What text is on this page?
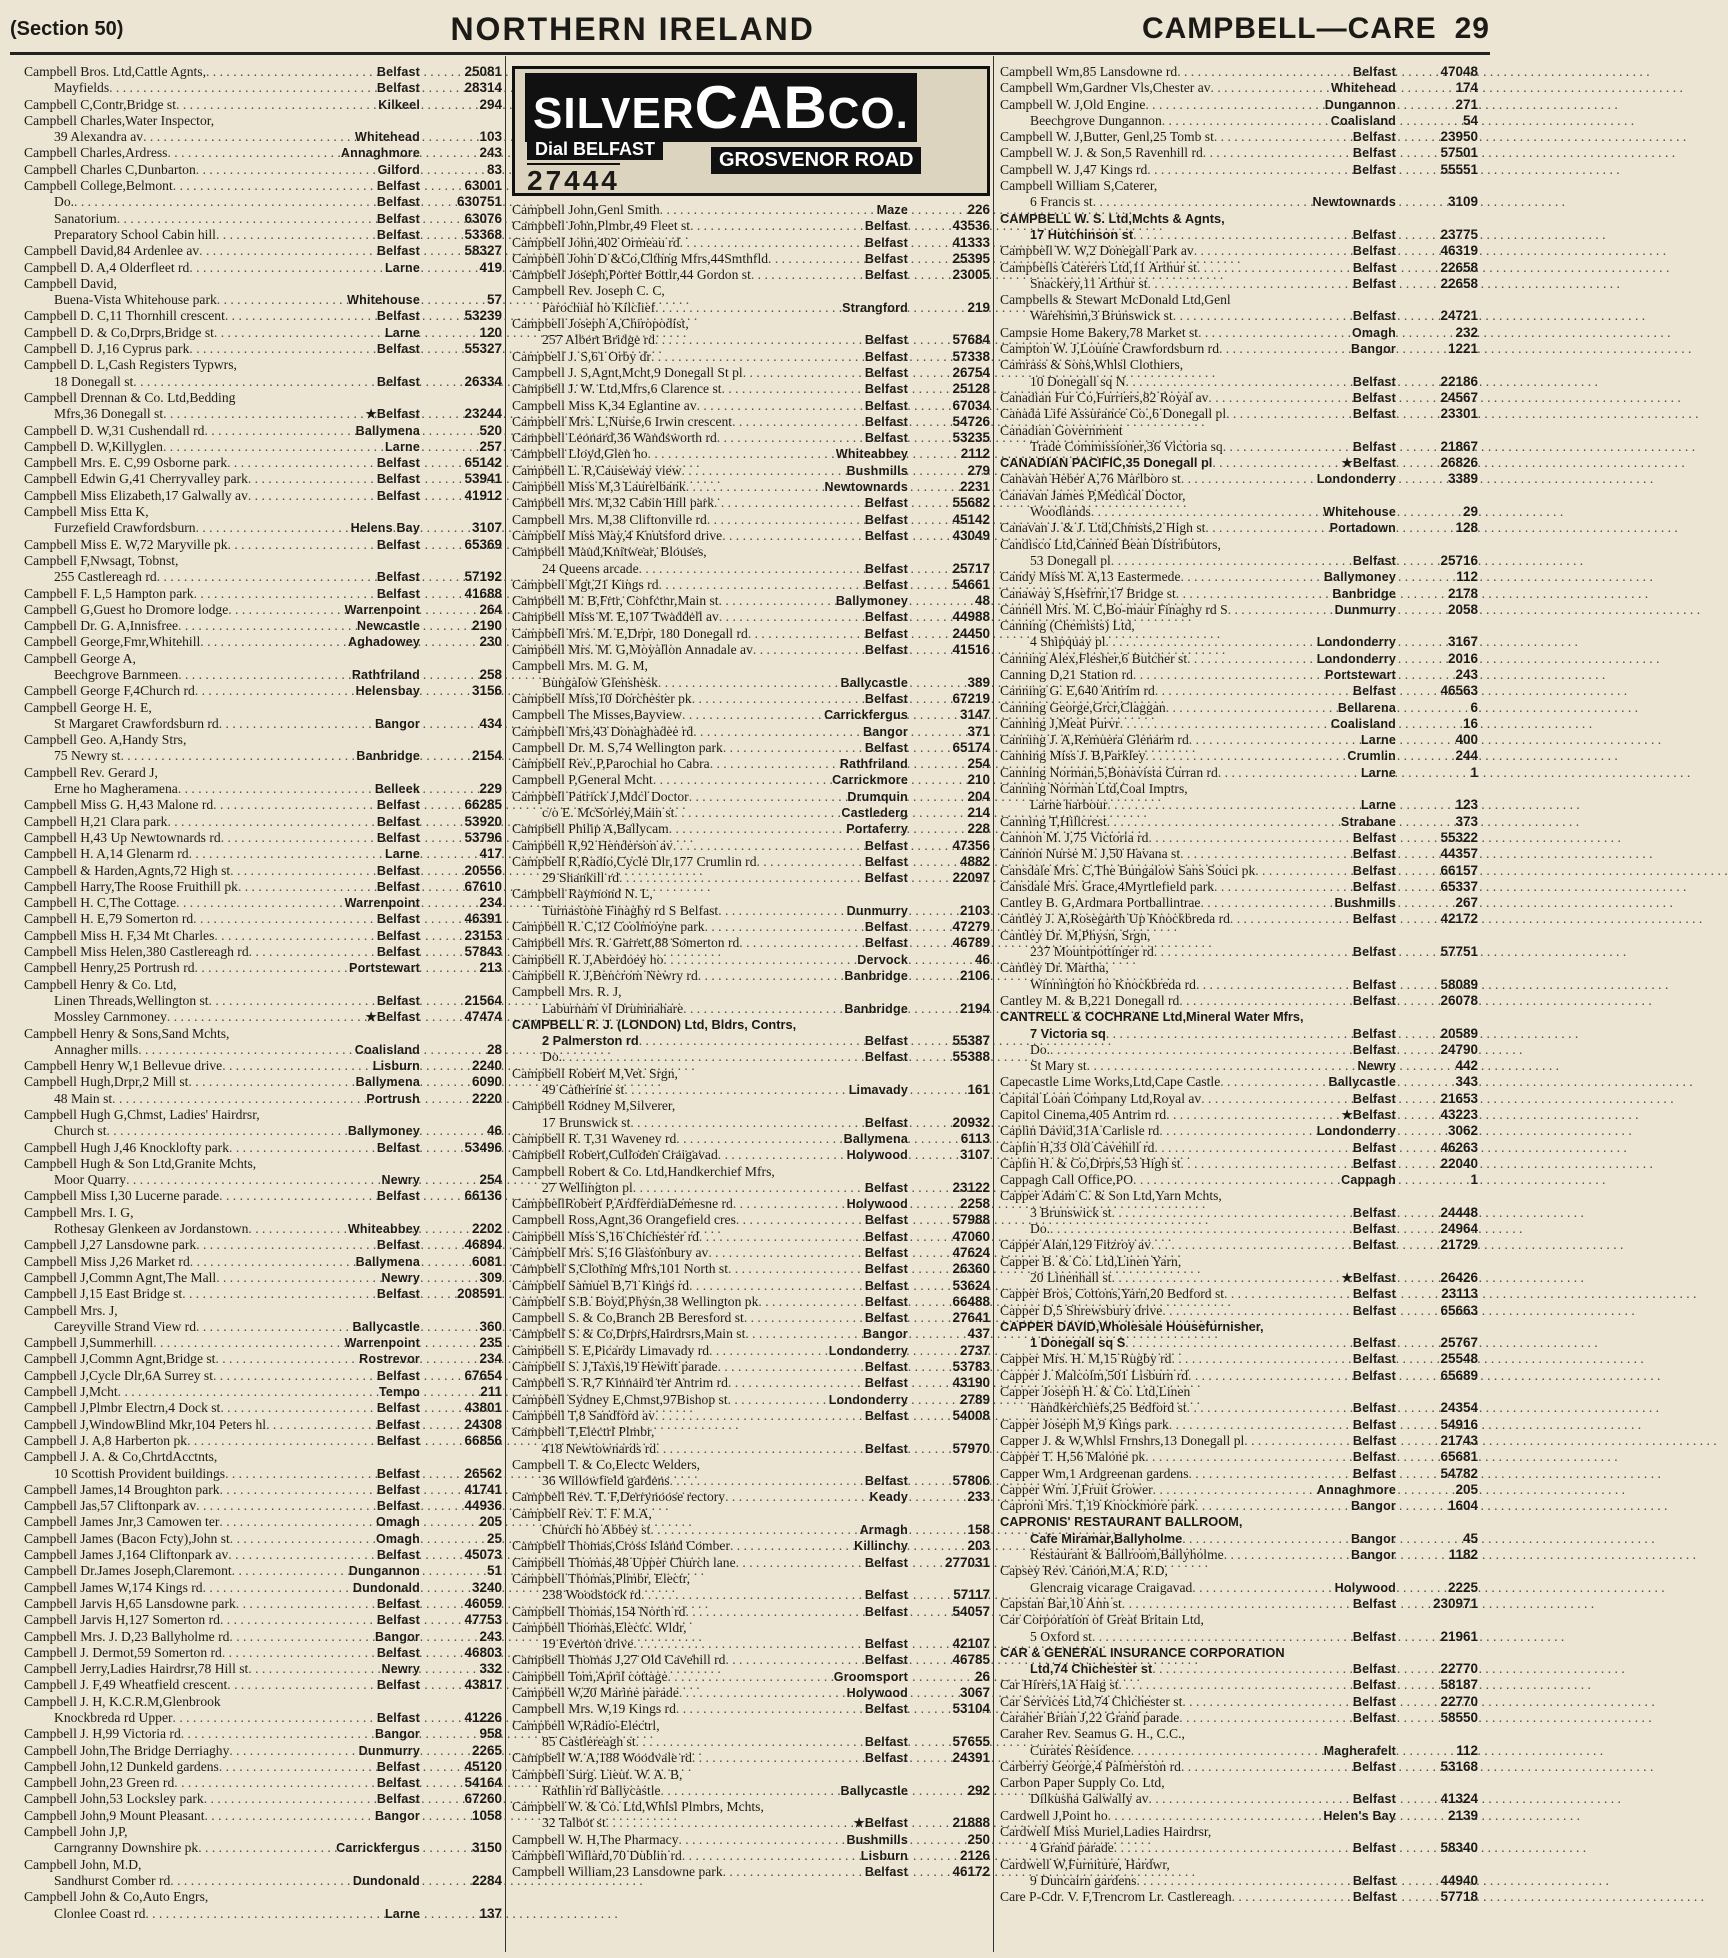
(Section 50)	NORTHERN IRELAND	CAMPBELL—CARE 29
Campbell Bros. Ltd,Cattle Agnts, . . .	Belfast	25081
Mayfields . . .	Belfast	28314
Campbell C,Contr,Bridge st . . .	Kilkeel	294
Campbell Charles,Water Inspector,
39 Alexandra av . . .	Whitehead	103
Campbell Charles,Ardress . . .	Annaghmore	243
Campbell Charles C,Dunbarton . . .	Gilford	83
Campbell College,Belmont . . .	Belfast	63001
Do. . . .	Belfast	630751
Sanatorium . . .	Belfast	63076
Preparatory School Cabin hill . . .	Belfast	53368
Campbell David,84 Ardenlee av . . .	Belfast	58327
Campbell D. A,4 Olderfleet rd . . .	Larne	419
Campbell David,
Buena-Vista Whitehouse park . . .	Whitehouse	57
Campbell D. C,11 Thornhill crescent . . .	Belfast	53239
Campbell D. & Co,Drprs,Bridge st . . .	Larne	120
Campbell D. J,16 Cyprus park . . .	Belfast	55327
Campbell D. L,Cash Registers Typwrs,
18 Donegall st . . .	Belfast	26334
Campbell Drennan & Co. Ltd,Bedding
Mfrs,36 Donegall st . . .	★Belfast	23244
Campbell D. W,31 Cushendall rd . . .	Ballymena	520
Campbell D. W,Killyglen . . .	Larne	257
Campbell Mrs. E. C,99 Osborne park . . .	Belfast	65142
Campbell Edwin G,41 Cherryvalley park . . .	Belfast	53941
Campbell Miss Elizabeth,17 Galwally av . . .	Belfast	41912
Campbell Miss Etta K,
Furzefield Crawfordsburn . . .	Helens Bay	3107
Campbell Miss E. W,72 Maryville pk . . .	Belfast	65369
Campbell F,Nwsagt, Tobnst,
255 Castlereagh rd . . .	Belfast	57192
Campbell F. L,5 Hampton park . . .	Belfast	41688
Campbell G,Guest ho Dromore lodge . . .	Warrenpoint	264
Campbell Dr. G. A,Innisfree . . .	Newcastle	2190
Campbell George,Fmr,Whitehill . . .	Aghadowey	230
Campbell George A,
Beechgrove Barnmeen . . .	Rathfriland	258
Campbell George F,4Church rd . . .	Helensbay	3156
Campbell George H. E,
St Margaret Crawfordsburn rd . . .	Bangor	434
Campbell Geo. A,Handy Strs,
75 Newry st . . .	Banbridge	2154
Campbell Rev. Gerard J,
Erne ho Magheramena . . .	Belleek	229
Campbell Miss G. H,43 Malone rd . . .	Belfast	66285
Campbell H,21 Clara park . . .	Belfast	53920
Campbell H,43 Up Newtownards rd . . .	Belfast	53796
Campbell H. A,14 Glenarm rd . . .	Larne	417
Campbell & Harden,Agnts,72 High st . . .	Belfast	20556
Campbell Harry,The Roose Fruithill pk . . .	Belfast	67610
Campbell H. C,The Cottage . . .	Warrenpoint	234
Campbell H. E,79 Somerton rd . . .	Belfast	46391
Campbell Miss H. F,34 Mt Charles . . .	Belfast	23153
Campbell Miss Helen,380 Castlereagh rd . . .	Belfast	57843
Campbell Henry,25 Portrush rd . . .	Portstewart	213
Campbell Henry & Co. Ltd,
Linen Threads,Wellington st . . .	Belfast	21564
Mossley Carnmoney . . .	★Belfast	47474
Campbell Henry & Sons,Sand Mchts,
Annagher mills . . .	Coalisland	28
Campbell Henry W,1 Bellevue drive . . .	Lisburn	2240
Campbell Hugh,Drpr,2 Mill st . . .	Ballymena	6090
48 Main st . . .	Portrush	2220
Campbell Hugh G,Chmst, Ladies' Hairdrsr,
Church st . . .	Ballymoney	46
Campbell Hugh J,46 Knocklofty park . . .	Belfast	53496
Campbell Hugh & Son Ltd,Granite Mchts,
Moor Quarry . . .	Newry	254
Campbell Miss I,30 Lucerne parade . . .	Belfast	66136
Campbell Mrs. I. G,
Rothesay Glenkeen av Jordanstown . . .	Whiteabbey	2202
Campbell J,27 Lansdowne park . . .	Belfast	46894
Campbell Miss J,26 Market rd . . .	Ballymena	6081
Campbell J,Commn Agnt,The Mall . . .	Newry	309
Campbell J,15 East Bridge st . . .	Belfast	208591
Campbell Mrs. J,
Careyville Strand View rd . . .	Ballycastle	360
Campbell J,Summerhill . . .	Warrenpoint	235
Campbell J,Commn Agnt,Bridge st . . .	Rostrevor	234
Campbell J,Cycle Dlr,6A Surrey st . . .	Belfast	67654
Campbell J,Mcht . . .	Tempo	211
Campbell J,Plmbr Electrn,4 Dock st . . .	Belfast	43801
Campbell J,WindowBlind Mkr,104 Peters hl . . .	Belfast	24308
Campbell J. A,8 Harberton pk . . .	Belfast	66856
Campbell J. A. & Co,ChrtdAcctnts,
10 Scottish Provident buildings . . .	Belfast	26562
Campbell James,14 Broughton park . . .	Belfast	41741
Campbell Jas,57 Cliftonpark av . . .	Belfast	44936
Campbell James Jnr,3 Camowen ter . . .	Omagh	205
Campbell James (Bacon Fcty),John st . . .	Omagh	25
Campbell James J,164 Cliftonpark av . . .	Belfast	45073
Campbell Dr.James Joseph,Claremont . . .	Dungannon	51
Campbell James W,174 Kings rd . . .	Dundonald	3240
Campbell Jarvis H,65 Lansdowne park . . .	Belfast	46059
Campbell Jarvis H,127 Somerton rd . . .	Belfast	47753
Campbell Mrs. J. D,23 Ballyholme rd . . .	Bangor	243
Campbell J. Dermot,59 Somerton rd . . .	Belfast	46803
Campbell Jerry,Ladies Hairdrsr,78 Hill st . . .	Newry	332
Campbell J. F,49 Wheatfield crescent . . .	Belfast	43817
Campbell J. H, K.C.R.M,Glenbrook
Knockbreda rd Upper . . .	Belfast	41226
Campbell J. H,99 Victoria rd . . .	Bangor	958
Campbell John,The Bridge Derriaghy . . .	Dunmurry	2265
Campbell John,12 Dunkeld gardens . . .	Belfast	45120
Campbell John,23 Green rd . . .	Belfast	54164
Campbell John,53 Locksley park . . .	Belfast	67260
Campbell John,9 Mount Pleasant . . .	Bangor	1058
Campbell John J,P,
Carngranny Downshire pk . . .	Carrickfergus	3150
Campbell John, M.D,
Sandhurst Comber rd . . .	Dundonald	2284
Campbell John & Co,Auto Engrs,
Clonlee Coast rd . . .	Larne	137
SILVERCABCO.
Dial BELFAST
27444
GROSVENOR ROAD
Campbell John,Genl Smith . . .	Maze	226
Campbell John,Plmbr,49 Fleet st . . .	Belfast	43536
Campbell John,402 Ormeau rd . . .	Belfast	41333
Campbell John D &Co,Clthng Mfrs,44Smthfld . . .	Belfast	25395
Campbell Joseph,Porter Bottlr,44 Gordon st . . .	Belfast	23005
Campbell Rev. Joseph C. C,
Parochial ho Kilclief . . .	Strangford	219
Campbell Joseph A,Chiropodist,
257 Albert Bridge rd . . .	Belfast	57684
Campbell J. S,61 Orby dr . . .	Belfast	57338
Campbell J. S,Agnt,Mcht,9 Donegall St pl . . .	Belfast	26754
Campbell J. W. Ltd,Mfrs,6 Clarence st . . .	Belfast	25128
Campbell Miss K,34 Eglantine av . . .	Belfast	67034
Campbell Mrs. L,Nurse,6 Irwin crescent . . .	Belfast	54726
Campbell Leonard,36 Wandsworth rd . . .	Belfast	53235
Campbell Lloyd,Glen ho . . .	Whiteabbey	2112
Campbell L. R,Causeway view . . .	Bushmills	279
Campbell Miss M,3 Laurelbank . . .	Newtownards	2231
Campbell Mrs. M,32 Cabin Hill park . . .	Belfast	55682
Campbell Mrs. M,38 Cliftonville rd . . .	Belfast	45142
Campbell Miss May,4 Knutsford drive . . .	Belfast	43049
Campbell Maud,Knitwear, Blouses,
24 Queens arcade . . .	Belfast	25717
Campbell Mgt,21 Kings rd . . .	Belfast	54661
Campbell M. B,Frtr, Confctnr,Main st . . .	Ballymoney	48
Campbell Miss M. E,107 Twaddell av . . .	Belfast	44988
Campbell Mrs. M. E,Drpr, 180 Donegall rd . . .	Belfast	24450
Campbell Mrs. M. G,Moyallon Annadale av . . .	Belfast	41516
Campbell Mrs. M. G. M,
Bungalow Glenshesk . . .	Ballycastle	389
Campbell Miss,10 Dorchester pk . . .	Belfast	67219
Campbell The Misses,Bayview . . .	Carrickfergus	3147
Campbell Mrs,43 Donaghadee rd . . .	Bangor	371
Campbell Dr. M. S,74 Wellington park . . .	Belfast	65174
Campbell Rev.,P,Parochial ho Cabra . . .	Rathfriland	254
Campbell P,General Mcht . . .	Carrickmore	210
Campbell Patrick J,Mdcl Doctor . . .	Drumquin	204
c/o E. McSorley,Main st . . .	Castlederg	214
Campbell Philip A,Ballycam . . .	Portaferry	228
Campbell R,92 Henderson av . . .	Belfast	47356
Campbell R,Radio,Cycle Dlr,177 Crumlin rd . . .	Belfast	4882
29 Shankill rd . . .	Belfast	22097
Campbell Raymond N. L,
Turnastone Finaghy rd S Belfast . . .	Dunmurry	2103
Campbell R. C,12 Coolmoyne park . . .	Belfast	47279
Campbell Mrs. R. Garrett,88 Somerton rd . . .	Belfast	46789
Campbell R. J,Aberdoey ho . . .	Dervock	46
Campbell R. J,Bencrom Newry rd . . .	Banbridge	2106
Campbell Mrs. R. J,
Laburnam vl Drumnahare . . .	Banbridge	2194
CAMPBELL R. J. (LONDON) Ltd, Bldrs, Contrs,
2 Palmerston rd . . .	Belfast	55387
Do. . . .	Belfast	55388
Campbell Robert M,Vet. Srgn,
49 Catherine st . . .	Limavady	161
Campbell Rodney M,Silverer,
17 Brunswick st . . .	Belfast	20932
Campbell R. T,31 Waveney rd . . .	Ballymena	6113
Campbell Robert,Culloden Craigavad . . .	Holywood	3107
Campbell Robert & Co. Ltd,Handkerchief Mfrs,
27 Wellington pl . . .	Belfast	23122
CampbellRobert P,ArdferdiaDemesne rd . . .	Holywood	2258
Campbell Ross,Agnt,36 Orangefield cres . . .	Belfast	57988
Campbell Miss S,16 Chichester rd . . .	Belfast	47060
Campbell Mrs. S,16 Glastonbury av . . .	Belfast	47624
Campbell S,Clothing Mfrs,101 North st . . .	Belfast	26360
Campbell Samuel B,71 Kings rd . . .	Belfast	53624
Campbell S.B. Boyd,Physn,38 Wellington pk . . .	Belfast	66488
Campbell S. & Co,Branch 2B Beresford st . . .	Belfast	27641
Campbell S. & Co,Drprs,Hairdrsrs,Main st . . .	Bangor	437
Campbell S. E,Picardy Limavady rd . . .	Londonderry	2737
Campbell S. J,Taxis,19 Hewitt parade . . .	Belfast	53783
Campbell S. R,7 Kinnaird ter Antrim rd . . .	Belfast	43190
Campbell Sydney E,Chmst,97Bishop st . . .	Londonderry	2789
Campbell T,8 Sandford av . . .	Belfast	54008
Campbell T,Electrl Plmbr,
418 Newtownards rd . . .	Belfast	57970
Campbell T. & Co,Electc Welders,
36 Willowfield gardens . . .	Belfast	57806
Campbell Rev. T. F,Derrynoose rectory . . .	Keady	233
Campbell Rev. T. F. M.A,
Church ho Abbey st . . .	Armagh	158
Campbell Thomas,Cross Island Comber . . .	Killinchy	203
Campbell Thomas,48 Upper Church lane . . .	Belfast	277031
Campbell Thomas,Plmbr, Electr,
238 Woodstock rd . . .	Belfast	57117
Campbell Thomas,154 North rd . . .	Belfast	54057
Campbell Thomas,Electc. Wldr,
19 Everton drive . . .	Belfast	42107
Campbell Thomas J,27 Old Cavehill rd . . .	Belfast	46785
Campbell Tom,April cottage . . .	Groomsport	26
Campbell W,20 Marine parade . . .	Holywood	3067
Campbell Mrs. W,19 Kings rd . . .	Belfast	53104
Campbell W,Radio-Electrl,
85 Castlereagh st . . .	Belfast	57655
Campbell W. A,188 Woodvale rd . . .	Belfast	24391
Campbell Surg. Lieut. W. A. B,
Rathlin rd Ballycastle . . .	Ballycastle	292
Campbell W. & Co. Ltd,Whlsl Plmbrs, Mchts,
32 Talbot st . . .	★Belfast	21888
Campbell W. H,The Pharmacy . . .	Bushmills	250
Campbell Willard,70 Dublin rd . . .	Lisburn	2126
Campbell William,23 Lansdowne park . . .	Belfast	46172
Campbell Wm,85 Lansdowne rd . . .	Belfast	47048
Campbell Wm,Gardner Vls,Chester av . . .	Whitehead	174
Campbell W. J,Old Engine . . .	Dungannon	271
Beechgrove Dungannon . . .	Coalisland	54
Campbell W. J,Butter, Genl,25 Tomb st . . .	Belfast	23950
Campbell W. J. & Son,5 Ravenhill rd . . .	Belfast	57501
Campbell W. J,47 Kings rd . . .	Belfast	55551
Campbell William S,Caterer,
6 Francis st . . .	Newtownards	3109
CAMPBELL W. S. Ltd,Mchts & Agnts,
17 Hutchinson st . . .	Belfast	23775
Campbell W. W,2 Donegall Park av . . .	Belfast	46319
Campbells Caterers Ltd,11 Arthur st . . .	Belfast	22658
Snackery,11 Arthur st . . .	Belfast	22658
Campbells & Stewart McDonald Ltd,Genl
Warehsmn,3 Brunswick st . . .	Belfast	24721
Campsie Home Bakery,78 Market st . . .	Omagh	232
Campton W. J,Louine Crawfordsburn rd . . .	Bangor	1221
Camrass & Sons,Whlsl Clothiers,
10 Donegall sq N . . .	Belfast	22186
Canadian Fur Co,Furriers,82 Royal av . . .	Belfast	24567
Canada Life Assurance Co.,6 Donegall pl . . .	Belfast	23301
Canadian Government
Trade Commissioner,36 Victoria sq . . .	Belfast	21867
CANADIAN PACIFIC,35 Donegall pl . . .	★Belfast	26826
Canavan Heber A,76 Marlboro st . . .	Londonderry	3389
Canavan James P,Medical Doctor,
Woodlands . . .	Whitehouse	29
Canavan J. & J. Ltd,Chmsts,2 High st . . .	Portadown	128
Candisco Ltd,Canned Bean Distributors,
53 Donegall pl . . .	Belfast	25716
Candy Miss M. A,13 Eastermede . . .	Ballymoney	112
Canaway S,Hsefrnr,17 Bridge st . . .	Banbridge	2178
Cannell Mrs. M. C,Bo-maur Finaghy rd S . . .	Dunmurry	2058
Canning (Chemists) Ltd,
4 Shipquay pl . . .	Londonderry	3167
Canning Alex,Flesher,6 Butcher st . . .	Londonderry	2016
Canning D,21 Station rd . . .	Portstewart	243
Canning G. E,640 Antrim rd . . .	Belfast	46563
Canning George,Grcr,Claggan . . .	Bellarena	6
Canning J,Meat Purvr . . .	Coalisland	16
Canning J. A,Remuera Glenarm rd . . .	Larne	400
Canning Miss J. B,Parkley . . .	Crumlin	244
Canning Norman,5,Bonavista Curran rd . . .	Larne	1
Canning Norman Ltd,Coal Imptrs,
Larne harbour . . .	Larne	123
Canning T,Hillcrest . . .	Strabane	373
Cannon M. J,75 Victoria rd . . .	Belfast	55322
Cannon Nurse M. J,50 Havana st . . .	Belfast	44357
Cansdale Mrs. C,The Bungalow Sans Souci pk . . .	Belfast	66157
Cansdale Mrs. Grace,4Myrtlefield park . . .	Belfast	65337
Cantley B. G,Ardmara Portballintrae . . .	Bushmills	267
Cantley J. A,Rosegarth Up Knockbreda rd . . .	Belfast	42172
Cantley Dr. M,Physn, Srgn,
237 Mountpottinger rd . . .	Belfast	57751
Cantley Dr. Martha,
Winnington ho Knockbreda rd . . .	Belfast	58089
Cantley M. & B,221 Donegall rd . . .	Belfast	26078
CANTRELL & COCHRANE Ltd,Mineral Water Mfrs,
7 Victoria sq . . .	Belfast	20589
Do. . . .	Belfast	24790
St Mary st . . .	Newry	442
Capecastle Lime Works,Ltd,Cape Castle . . .	Ballycastle	343
Capital Loan Company Ltd,Royal av . . .	Belfast	21653
Capitol Cinema,405 Antrim rd . . .	★Belfast	43223
Caplin David,31A Carlisle rd . . .	Londonderry	3062
Caplin H,33 Old Cavehill rd . . .	Belfast	46263
Caplin H. & Co,Drprs,53 High st . . .	Belfast	22040
Cappagh Call Office,PO . . .	Cappagh	1
Capper Adam C. & Son Ltd,Yarn Mchts,
3 Brunswick st . . .	Belfast	24448
Do. . . .	Belfast	24964
Capper Alan,129 Fitzroy av . . .	Belfast	21729
Capper B. & Co. Ltd,Linen Yarn,
20 Linenhall st . . .	★Belfast	26426
Capper Bros, Cottons,Yarn,20 Bedford st . . .	Belfast	23113
Capper D,5 Shrewsbury drive . . .	Belfast	65663
CAPPER DAVID,Wholesale Housefurnisher,
1 Donegall sq S . . .	Belfast	25767
Capper Mrs. H. M,15 Rugby rd . . .	Belfast	25548
Capper J. Malcolm,501 Lisburn rd . . .	Belfast	65689
Capper Joseph H. & Co. Ltd,Linen
Handkerchiefs,25 Bedford st . . .	Belfast	24354
Capper Joseph M,9 Kings park . . .	Belfast	54916
Capper J. & W,Whlsl Frnshrs,13 Donegall pl . . .	Belfast	21743
Capper T. H,56 Malone pk . . .	Belfast	65681
Capper Wm,1 Ardgreenan gardens . . .	Belfast	54782
Capper Wm. J,Fruit Grower . . .	Annaghmore	205
Caproni Mrs. T,19 Knockmore park . . .	Bangor	1604
CAPRONIS' RESTAURANT BALLROOM,
Cafe Miramar,Ballyholme . . .	Bangor	45
Restaurant & Ballroom,Ballyholme . . .	Bangor	1182
Capsey Rev. Canon,M.A, R.D,
Glencraig vicarage Craigavad . . .	Holywood	2225
Capstan Bar,10 Ann st . . .	Belfast	230971
Car Corporation of Great Britain Ltd,
5 Oxford st . . .	Belfast	21961
CAR & GENERAL INSURANCE CORPORATION
Ltd,74 Chichester st . . .	Belfast	22770
Car Hirers,1A Haig st . . .	Belfast	58187
Car Services Ltd,74 Chichester st . . .	Belfast	22770
Caraher Brian J,22 Grand parade . . .	Belfast	58550
Caraher Rev. Seamus G. H., C.C.,
Curates Residence . . .	Magherafelt	112
Carberry George,4 Palmerston rd . . .	Belfast	53168
Carbon Paper Supply Co. Ltd,
Dilkusha Galwally av . . .	Belfast	41324
Cardwell J,Point ho . . .	Helen's Bay	2139
Cardwell Miss Muriel,Ladies Hairdrsr,
4 Grand parade . . .	Belfast	58340
Cardwell W,Furniture, Hardwr,
9 Duncairn gardens . . .	Belfast	44940
Care P-Cdr. V. F,Trencrom Lr. Castlereagh . . .	Belfast	57718
